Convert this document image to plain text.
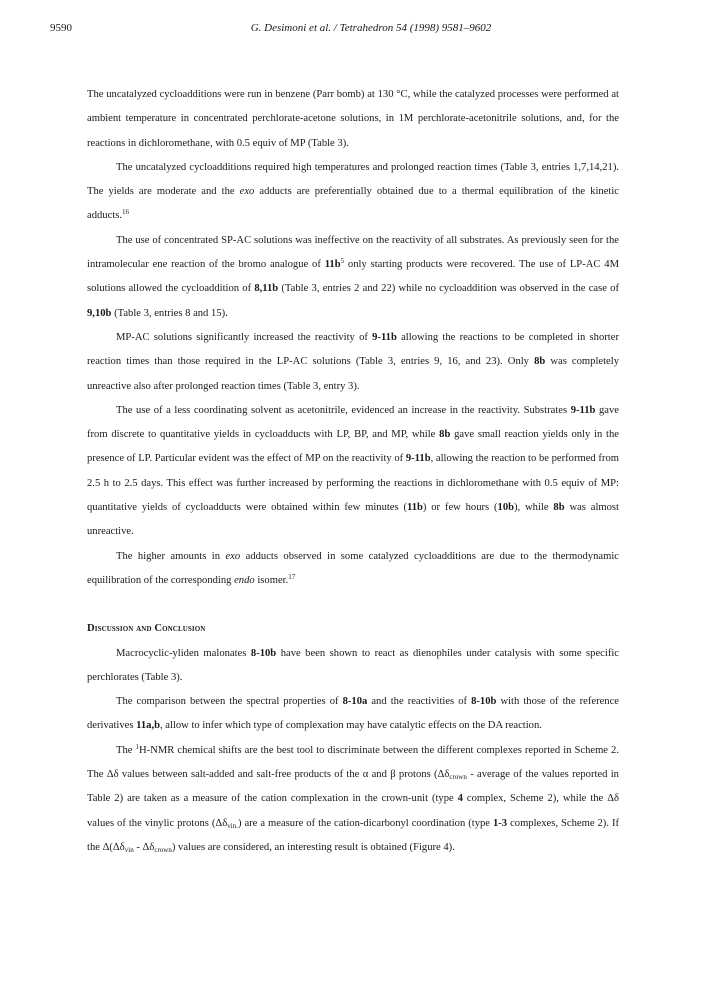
9590	G. Desimoni et al. / Tetrahedron 54 (1998) 9581–9602

The uncatalyzed cycloadditions were run in benzene (Parr bomb) at 130 °C, while the catalyzed processes were performed at ambient temperature in concentrated perchlorate-acetone solutions, in 1M perchlorate-acetonitrile solutions, and, for the reactions in dichloromethane, with 0.5 equiv of MP (Table 3).

The uncatalyzed cycloadditions required high temperatures and prolonged reaction times (Table 3, entries 1,7,14,21). The yields are moderate and the exo adducts are preferentially obtained due to a thermal equilibration of the kinetic adducts.$^{16}$

The use of concentrated SP-AC solutions was ineffective on the reactivity of all substrates. As previously seen for the intramolecular ene reaction of the bromo analogue of $11b^5$ only starting products were recovered. The use of LP-AC 4M solutions allowed the cycloaddition of 8,11b (Table 3, entries 2 and 22) while no cycloaddition was observed in the case of 9,10b (Table 3, entries 8 and 15).

MP-AC solutions significantly increased the reactivity of 9-11b allowing the reactions to be completed in shorter reaction times than those required in the LP-AC solutions (Table 3, entries 9, 16, and 23). Only 8b was completely unreactive also after prolonged reaction times (Table 3, entry 3).

The use of a less coordinating solvent as acetonitrile, evidenced an increase in the reactivity. Substrates 9-11b gave from discrete to quantitative yields in cycloadducts with LP, BP, and MP, while 8b gave small reaction yields only in the presence of LP. Particular evident was the effect of MP on the reactivity of 9-11b, allowing the reaction to be performed from 2.5 h to 2.5 days. This effect was further increased by performing the reactions in dichloromethane with 0.5 equiv of MP: quantitative yields of cycloadducts were obtained within few minutes (11b) or few hours (10b), while 8b was almost unreactive.

The higher amounts in exo adducts observed in some catalyzed cycloadditions are due to the thermodynamic equilibration of the corresponding endo isomer.$^{17}$

Discussion and Conclusion

Macrocyclic-yliden malonates 8-10b have been shown to react as dienophiles under catalysis with some specific perchlorates (Table 3).

The comparison between the spectral properties of 8-10a and the reactivities of 8-10b with those of the reference derivatives 11a,b, allow to infer which type of complexation may have catalytic effects on the DA reaction.

The $^1$H-NMR chemical shifts are the best tool to discriminate between the different complexes reported in Scheme 2. The Δδ values between salt-added and salt-free products of the α and β protons ($\Delta\delta_{crown}$ - average of the values reported in Table 2) are taken as a measure of the cation complexation in the crown-unit (type 4 complex, Scheme 2), while the Δδ values of the vinylic protons $(\Delta\delta_{vin.})$ are a measure of the cation-dicarbonyl coordination (type 1-3 complexes, Scheme 2). If the $\Delta(\Delta\delta_{vin} - \Delta\delta_{crown})$ values are considered, an interesting result is obtained (Figure 4).
